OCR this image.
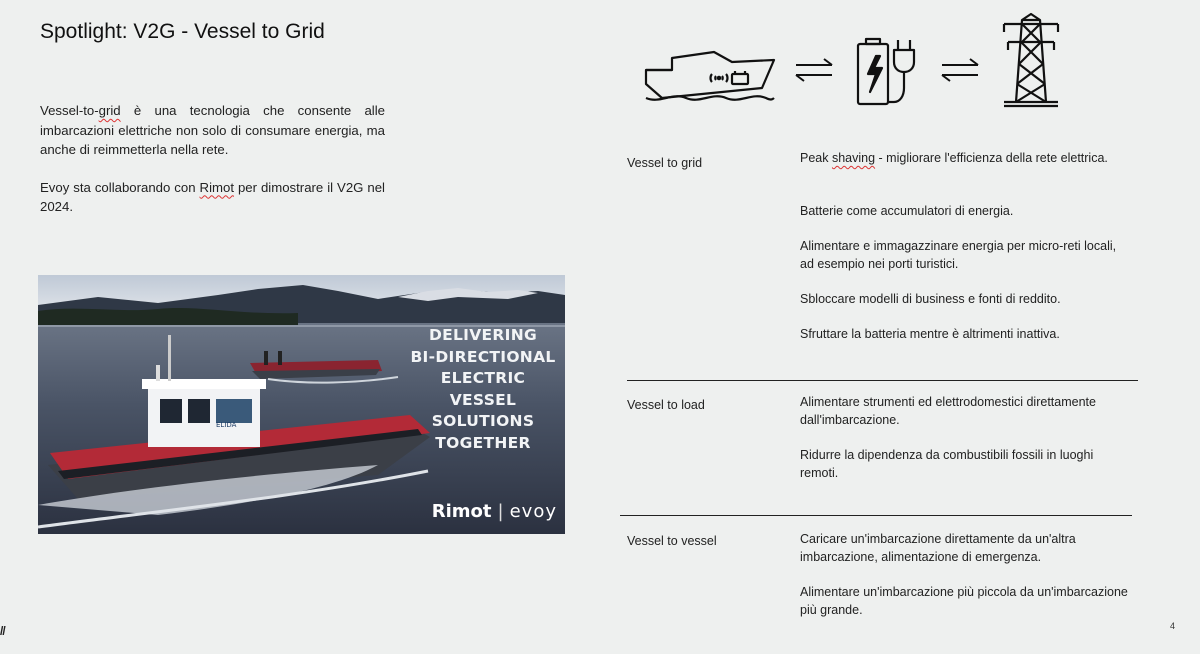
Spotlight: V2G - Vessel to Grid

Vessel-to-grid è una tecnologia che consente alle imbarcazioni elettriche non solo di consumare energia, ma anche di reimmetterla nella rete.

Evoy sta collaborando con Rimot per dimostrare il V2G nel 2024.

ELIDA
DELIVERING
BI-DIRECTIONAL
ELECTRIC VESSEL
SOLUTIONS
TOGETHER
Rimot | evoy
Vessel to grid	Peak shaving - migliorare l'efficienza della rete elettrica.
Batterie come accumulatori di energia.
Alimentare e immagazzinare energia per micro-reti locali, ad esempio nei porti turistici.
Sbloccare modelli di business e fonti di reddito.
Sfruttare la batteria mentre è altrimenti inattiva.
Vessel to load	Alimentare strumenti ed elettrodomestici direttamente dall'imbarcazione.
Ridurre la dipendenza da combustibili fossili in luoghi remoti.
Vessel to vessel	Caricare un'imbarcazione direttamente da un'altra imbarcazione, alimentazione di emergenza.
Alimentare un'imbarcazione più piccola da un'imbarcazione più grande.
//	4
